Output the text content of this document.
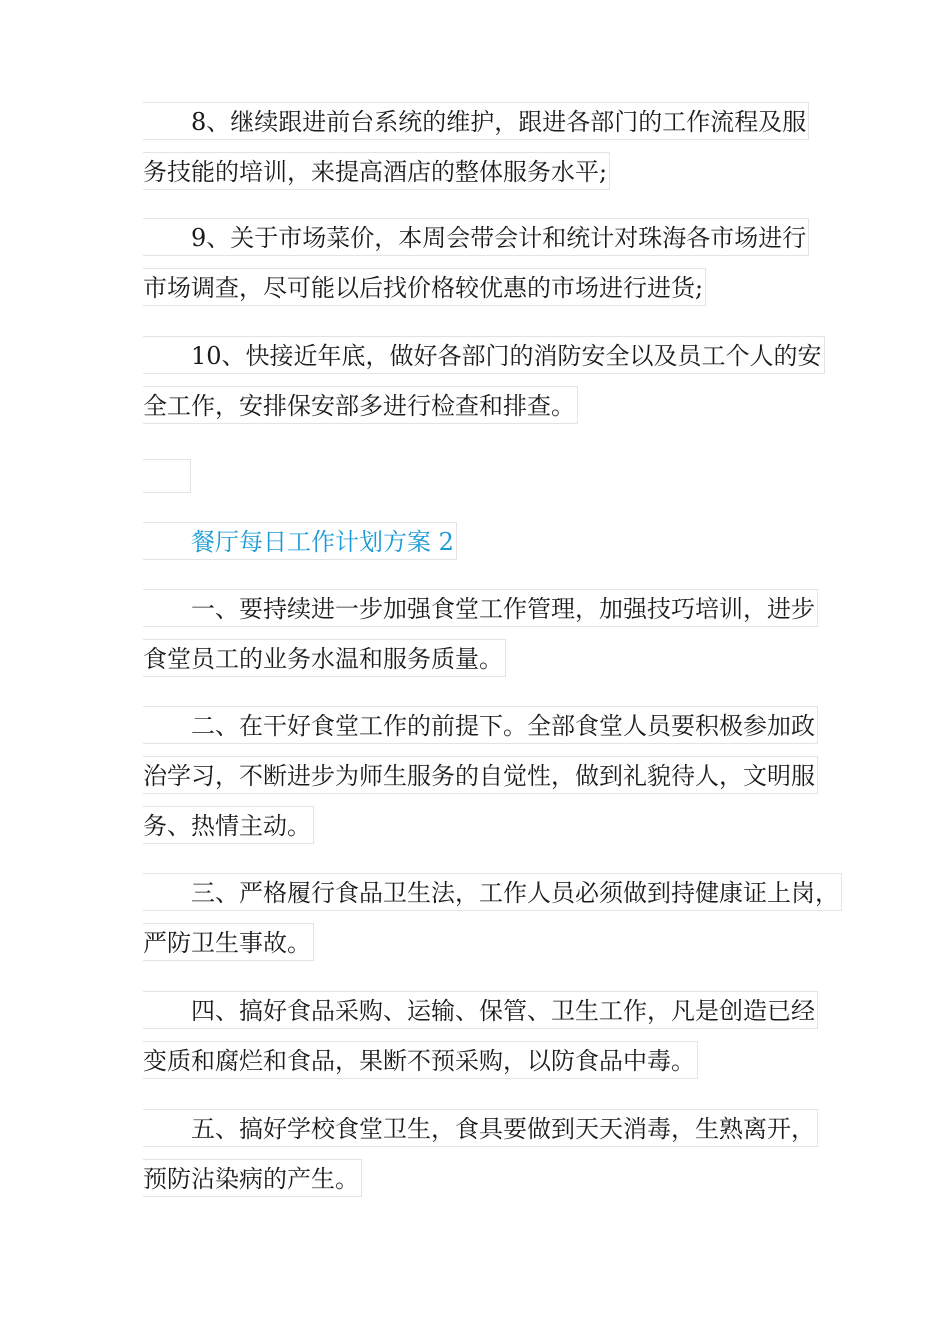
8、继续跟进前台系统的维护，跟进各部门的工作流程及服
务技能的培训，来提高酒店的整体服务水平;
9、关于市场菜价，本周会带会计和统计对珠海各市场进行
市场调查，尽可能以后找价格较优惠的市场进行进货;
10、快接近年底，做好各部门的消防安全以及员工个人的安
全工作，安排保安部多进行检查和排查。
餐厅每日工作计划方案 2
一、要持续进一步加强食堂工作管理，加强技巧培训，进步
食堂员工的业务水温和服务质量。
二、在干好食堂工作的前提下。全部食堂人员要积极参加政
治学习，不断进步为师生服务的自觉性，做到礼貌待人，文明服
务、热情主动。
三、严格履行食品卫生法，工作人员必须做到持健康证上岗，
严防卫生事故。
四、搞好食品采购、运输、保管、卫生工作，凡是创造已经
变质和腐烂和食品，果断不预采购，以防食品中毒。
五、搞好学校食堂卫生，食具要做到天天消毒，生熟离开，
预防沾染病的产生。
